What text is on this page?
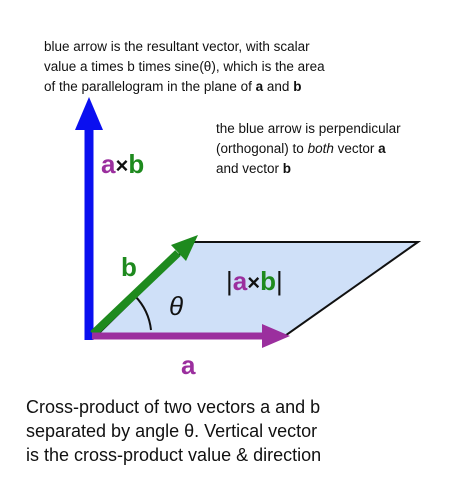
a×b
b
θ
|a×b|
a
blue arrow is the resultant vector, with scalar
value a times b times sine(θ), which is the area
of the parallelogram in the plane of a and b
the blue arrow is perpendicular
(orthogonal) to both vector a
and vector b
Cross-product of two vectors a and b
separated by angle θ. Vertical vector
is the cross-product value & direction
